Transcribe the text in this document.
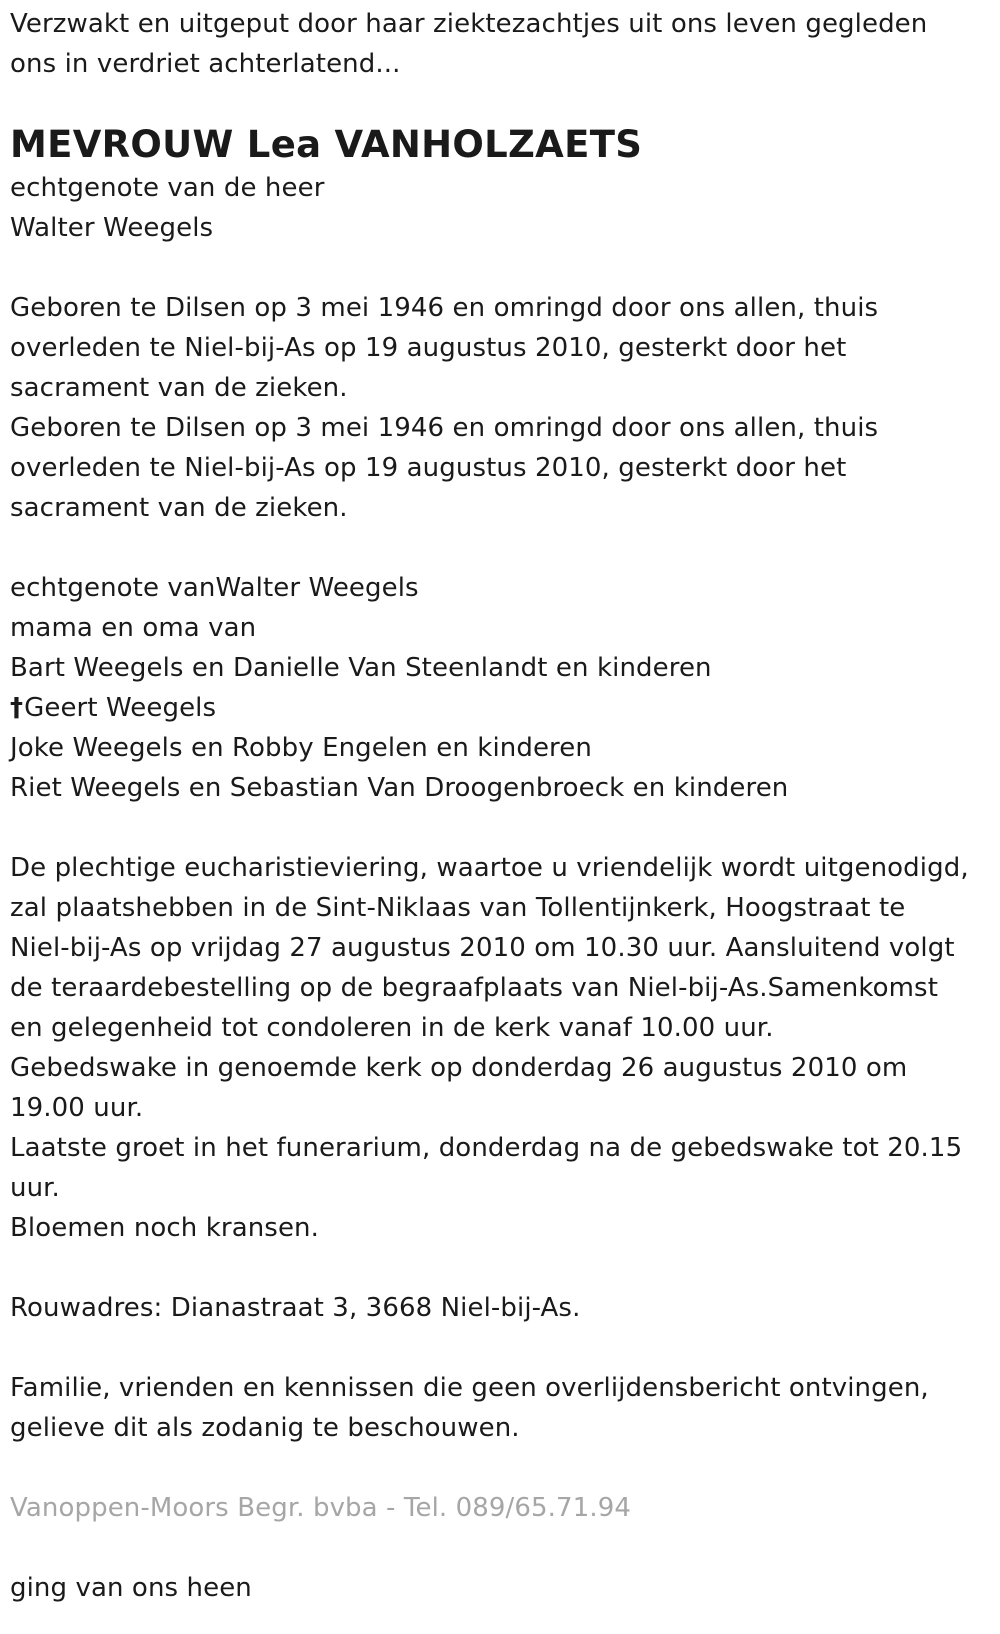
Verzwakt en uitgeput door haar ziektezachtjes uit ons leven gegleden

ons in verdriet achterlatend...

MEVROUW Lea VANHOLZAETS

echtgenote van de heer

Walter Weegels

Geboren te Dilsen op 3 mei 1946 en omringd door ons allen, thuis

overleden te Niel-bij-As op 19 augustus 2010, gesterkt door het

sacrament van de zieken.

Geboren te Dilsen op 3 mei 1946 en omringd door ons allen, thuis

overleden te Niel-bij-As op 19 augustus 2010, gesterkt door het

sacrament van de zieken.

echtgenote vanWalter Weegels

mama en oma van

Bart Weegels en Danielle Van Steenlandt en kinderen

†Geert Weegels

Joke Weegels en Robby Engelen en kinderen

Riet Weegels en Sebastian Van Droogenbroeck en kinderen

De plechtige eucharistieviering, waartoe u vriendelijk wordt uitgenodigd,

zal plaatshebben in de Sint-Niklaas van Tollentijnkerk, Hoogstraat te

Niel-bij-As op vrijdag 27 augustus 2010 om 10.30 uur. Aansluitend volgt

de teraardebestelling op de begraafplaats van Niel-bij-As.Samenkomst

en gelegenheid tot condoleren in de kerk vanaf 10.00 uur.

Gebedswake in genoemde kerk op donderdag 26 augustus 2010 om

19.00 uur.

Laatste groet in het funerarium, donderdag na de gebedswake tot 20.15

uur.

Bloemen noch kransen.

Rouwadres: Dianastraat 3, 3668 Niel-bij-As.

Familie, vrienden en kennissen die geen overlijdensbericht ontvingen,

gelieve dit als zodanig te beschouwen.

Vanoppen-Moors Begr. bvba - Tel. 089/65.71.94

ging van ons heen
